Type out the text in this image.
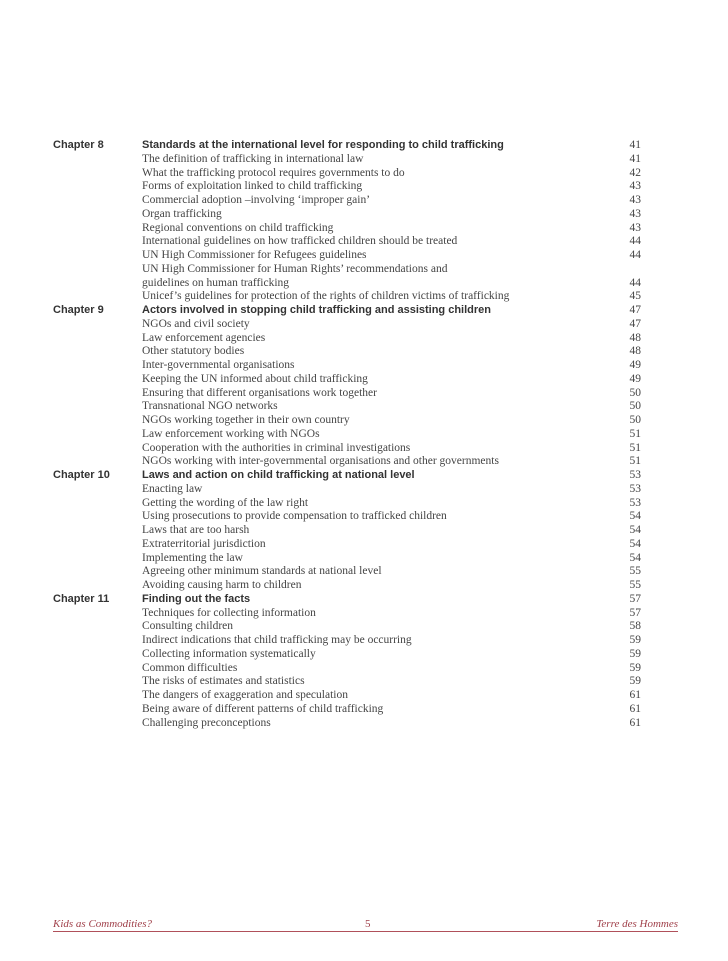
Chapter 8	Standards at the international level for responding to child trafficking	41
The definition of trafficking in international law	41
What the trafficking protocol requires governments to do	42
Forms of exploitation linked to child trafficking	43
Commercial adoption –involving ‘improper gain’	43
Organ trafficking	43
Regional conventions on child trafficking	43
International guidelines on how trafficked children should be treated	44
UN High Commissioner for Refugees guidelines	44
UN High Commissioner for Human Rights’ recommendations and
guidelines on human trafficking	44
Unicef’s guidelines for protection of the rights of children victims of trafficking	45
Chapter 9	Actors involved in stopping child trafficking and assisting children	47
NGOs and civil society	47
Law enforcement agencies	48
Other statutory bodies	48
Inter-governmental organisations	49
Keeping the UN informed about child trafficking	49
Ensuring that different organisations work together	50
Transnational NGO networks	50
NGOs working together in their own country	50
Law enforcement working with NGOs	51
Cooperation with the authorities in criminal investigations	51
NGOs working with inter-governmental organisations and other governments	51
Chapter 10	Laws and action on child trafficking at national level	53
Enacting law	53
Getting the wording of the law right	53
Using prosecutions to provide compensation to trafficked children	54
Laws that are too harsh	54
Extraterritorial jurisdiction	54
Implementing the law	54
Agreeing other minimum standards at national level	55
Avoiding causing harm to children	55
Chapter 11	Finding out the facts	57
Techniques for collecting information	57
Consulting children	58
Indirect indications that child trafficking may be occurring	59
Collecting information systematically	59
Common difficulties	59
The risks of estimates and statistics	59
The dangers of exaggeration and speculation	61
Being aware of different patterns of child trafficking	61
Challenging preconceptions	61
Kids as Commodities?	5	Terre des Hommes
